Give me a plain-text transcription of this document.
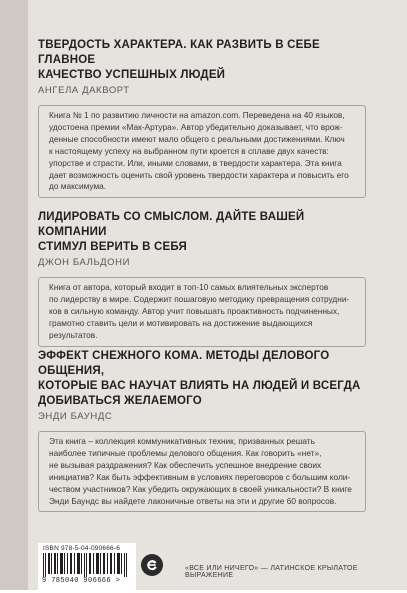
ТВЕРДОСТЬ ХАРАКТЕРА. КАК РАЗВИТЬ В СЕБЕ ГЛАВНОЕ
КАЧЕСТВО УСПЕШНЫХ ЛЮДЕЙ
АНГЕЛА ДАКВОРТ
Книга № 1 по развитию личности на amazon.com. Переведена на 40 языков,
удостоена премии «Мак-Артура». Автор убедительно доказывает, что врож-
денные способности имеют мало общего с реальными достижениями. Ключ
к настоящему успеху на выбранном пути кроется в сплаве двух качеств:
упорстве и страсти. Или, иными словами, в твердости характера. Эта книга
дает возможность оценить свой уровень твердости характера и повысить его
до максимума.
ЛИДИРОВАТЬ СО СМЫСЛОМ. ДАЙТЕ ВАШЕЙ КОМПАНИИ
СТИМУЛ ВЕРИТЬ В СЕБЯ
ДЖОН БАЛЬДОНИ
Книга от автора, который входит в топ-10 самых влиятельных экспертов
по лидерству в мире. Содержит пошаговую методику превращения сотрудни-
ков в сильную команду. Автор учит повышать проактивность подчиненных,
грамотно ставить цели и мотивировать на достижение выдающихся
результатов.
ЭФФЕКТ СНЕЖНОГО КОМА. МЕТОДЫ ДЕЛОВОГО ОБЩЕНИЯ,
КОТОРЫЕ ВАС НАУЧАТ ВЛИЯТЬ НА ЛЮДЕЙ И ВСЕГДА
ДОБИВАТЬСЯ ЖЕЛАЕМОГО
ЭНДИ БАУНДС
Эта книга – коллекция коммуникативных техник, призванных решать
наиболее типичные проблемы делового общения. Как говорить «нет»,
не вызывая раздражения? Как обеспечить успешное внедрение своих
инициатив? Как быть эффективным в условиях переговоров с большим коли-
чеством участников? Как убедить окружающих в своей уникальности? В книге
Энди Баундс вы найдете лаконичные ответы на эти и другие 60 вопросов.
ISBN 978-5-04-090666-6
9 785040 906666 >
«ВСЕ ИЛИ НИЧЕГО» — ЛАТИНСКОЕ КРЫЛАТОЕ ВЫРАЖЕНИЕ
